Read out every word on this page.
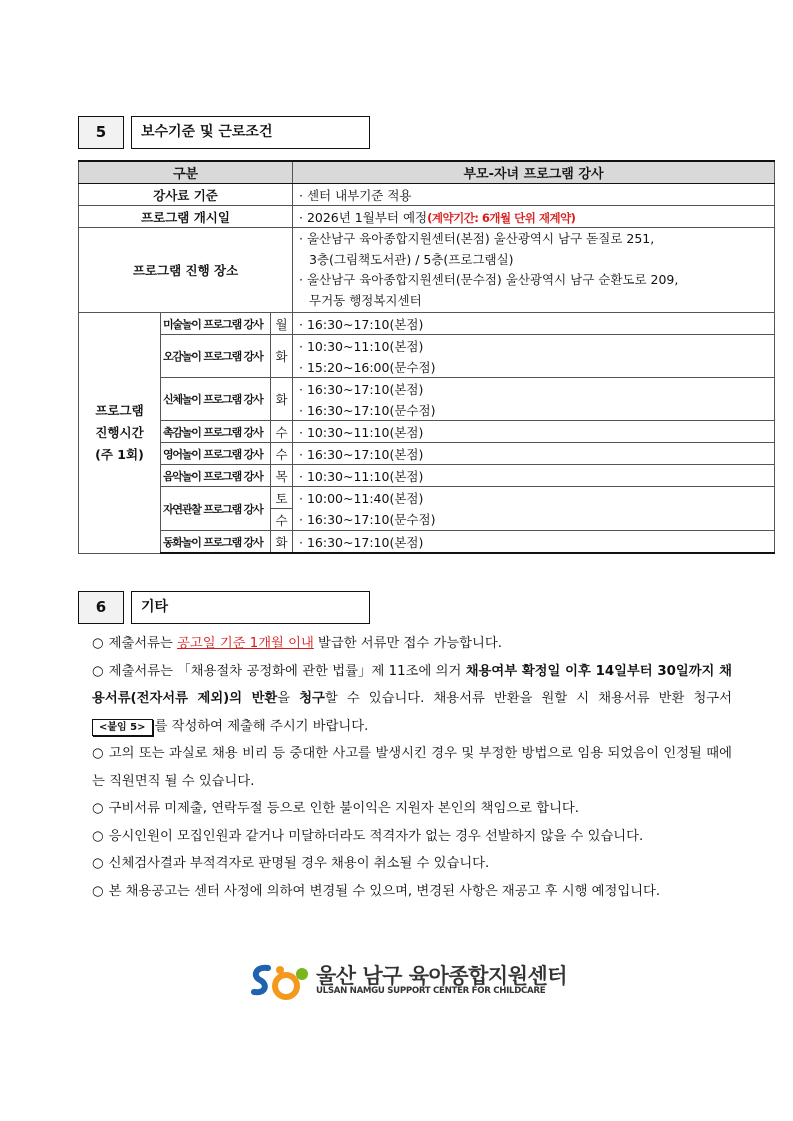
5	보수기준 및 근로조건
구분			부모-자녀 프로그램 강사
강사료 기준			· 센터 내부기준 적용
프로그램 개시일			· 2026년 1월부터 예정(계약기간: 6개월 단위 재계약)
프로그램 진행 장소			· 울산남구 육아종합지원센터(본점) 울산광역시 남구 돋질로 251,
3층(그림책도서관) / 5층(프로그램실)
· 울산남구 육아종합지원센터(문수점) 울산광역시 남구 순환도로 209,
무거동 행정복지센터

프로그램
진행시간
(주 1회)	미술놀이 프로그램 강사	월	· 16:30~17:10(본점)
	오감놀이 프로그램 강사	화	· 10:30~11:10(본점)
			· 15:20~16:00(문수점)
	신체놀이 프로그램 강사	화	· 16:30~17:10(본점)
			· 16:30~17:10(문수점)
	촉감놀이 프로그램 강사	수	· 10:30~11:10(본점)
	영어놀이 프로그램 강사	수	· 16:30~17:10(본점)
	음악놀이 프로그램 강사	목	· 10:30~11:10(본점)
	자연관찰 프로그램 강사	토	· 10:00~11:40(본점)
		수	· 16:30~17:10(문수점)
	동화놀이 프로그램 강사	화	· 16:30~17:10(본점)
6	기타
○ 제출서류는 공고일 기준 1개월 이내 발급한 서류만 접수 가능합니다.
○ 제출서류는 「채용절차 공정화에 관한 법률」제 11조에 의거 채용여부 확정일 이후 14일부터 30일까지 채용서류(전자서류 제외)의 반환을 청구할 수 있습니다. 채용서류 반환을 원할 시 채용서류 반환 청구서 <붙임 5> 를 작성하여 제출해 주시기 바랍니다.
○ 고의 또는 과실로 채용 비리 등 중대한 사고를 발생시킨 경우 및 부정한 방법으로 임용 되었음이 인정될 때에는 직원면직 될 수 있습니다.
○ 구비서류 미제출, 연락두절 등으로 인한 불이익은 지원자 본인의 책임으로 합니다.
○ 응시인원이 모집인원과 같거나 미달하더라도 적격자가 없는 경우 선발하지 않을 수 있습니다.
○ 신체검사결과 부적격자로 판명될 경우 채용이 취소될 수 있습니다.
○ 본 채용공고는 센터 사정에 의하여 변경될 수 있으며, 변경된 사항은 재공고 후 시행 예정입니다.
울산 남구 육아종합지원센터
ULSAN NAMGU SUPPORT CENTER FOR CHILDCARE
